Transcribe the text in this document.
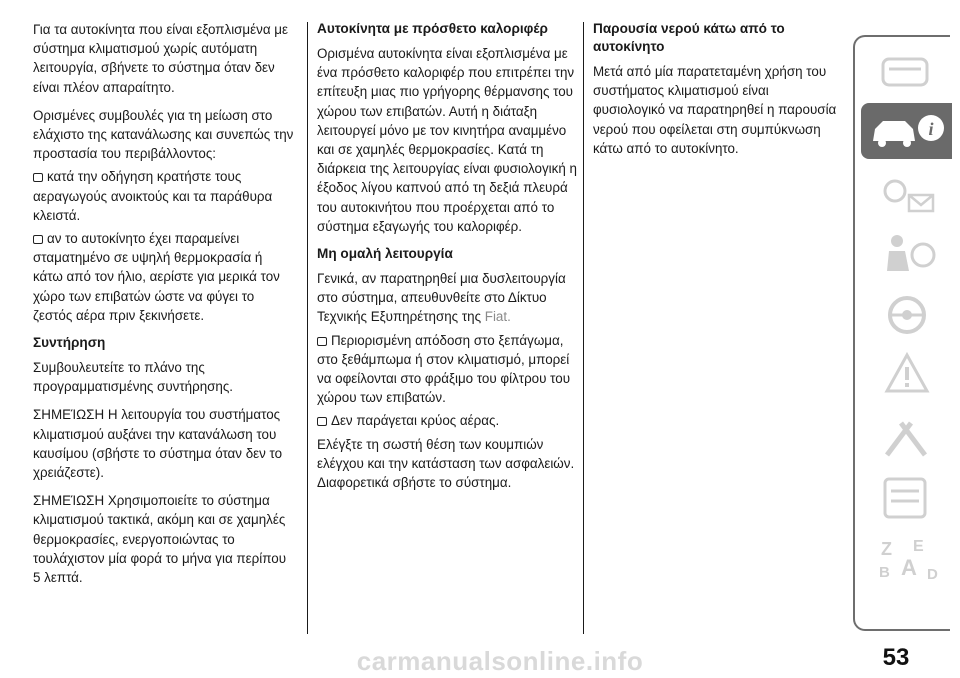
Για τα αυτοκίνητα που είναι εξοπλισμένα με σύστημα κλιματισμού χωρίς αυτόματη λειτουργία, σβήνετε το σύστημα όταν δεν είναι πλέον απαραίτητο.

Ορισμένες συμβουλές για τη μείωση στο ελάχιστο της κατανάλωσης και συνεπώς την προστασία του περιβάλλοντος:
κατά την οδήγηση κρατήστε τους αεραγωγούς ανοικτούς και τα παράθυρα κλειστά.
αν το αυτοκίνητο έχει παραμείνει σταματημένο σε υψηλή θερμοκρασία ή κάτω από τον ήλιο, αερίστε για μερικά τον χώρο των επιβατών ώστε να φύγει το ζεστός αέρα πριν ξεκινήσετε.
Συντήρηση

Συμβουλευτείτε το πλάνο της προγραμματισμένης συντήρησης.

ΣΗΜΕΊΩΣΗ Η λειτουργία του συστήματος κλιματισμού αυξάνει την κατανάλωση του καυσίμου (σβήστε το σύστημα όταν δεν το χρειάζεστε).

ΣΗΜΕΊΩΣΗ Χρησιμοποιείτε το σύστημα κλιματισμού τακτικά, ακόμη και σε χαμηλές θερμοκρασίες, ενεργοποιώντας το τουλάχιστον μία φορά το μήνα για περίπου 5 λεπτά.

Αυτοκίνητα με πρόσθετο καλοριφέρ

Ορισμένα αυτοκίνητα είναι εξοπλισμένα με ένα πρόσθετο καλοριφέρ που επιτρέπει την επίτευξη μιας πιο γρήγορης θέρμανσης του χώρου των επιβατών. Αυτή η διάταξη λειτουργεί μόνο με τον κινητήρα αναμμένο και σε χαμηλές θερμοκρασίες. Κατά τη διάρκεια της λειτουργίας είναι φυσιολογική η έξοδος λίγου καπνού από τη δεξιά πλευρά του αυτοκινήτου που προέρχεται από το σύστημα εξαγωγής του καλοριφέρ.

Μη ομαλή λειτουργία
Γενικά, αν παρατηρηθεί μια δυσλειτουργία στο σύστημα, απευθυνθείτε στο Δίκτυο Τεχνικής Εξυπηρέτησης της Fiat.
Περιορισμένη απόδοση στο ξεπάγωμα, στο ξεθάμπωμα ή στον κλιματισμό, μπορεί να οφείλονται στο φράξιμο του φίλτρου του χώρου των επιβατών.
Δεν παράγεται κρύος αέρας.
Ελέγξτε τη σωστή θέση των κουμπιών ελέγχου και την κατάσταση των ασφαλειών. Διαφορετικά σβήστε το σύστημα.
Παρουσία νερού κάτω από το αυτοκίνητο

Μετά από μία παρατεταμένη χρήση του συστήματος κλιματισμού είναι φυσιολογικό να παρατηρηθεί η παρουσία νερού που οφείλεται στη συμπύκνωση κάτω από το αυτοκίνητο.

i
Z E
A D
B
53
carmanualsonline.info
